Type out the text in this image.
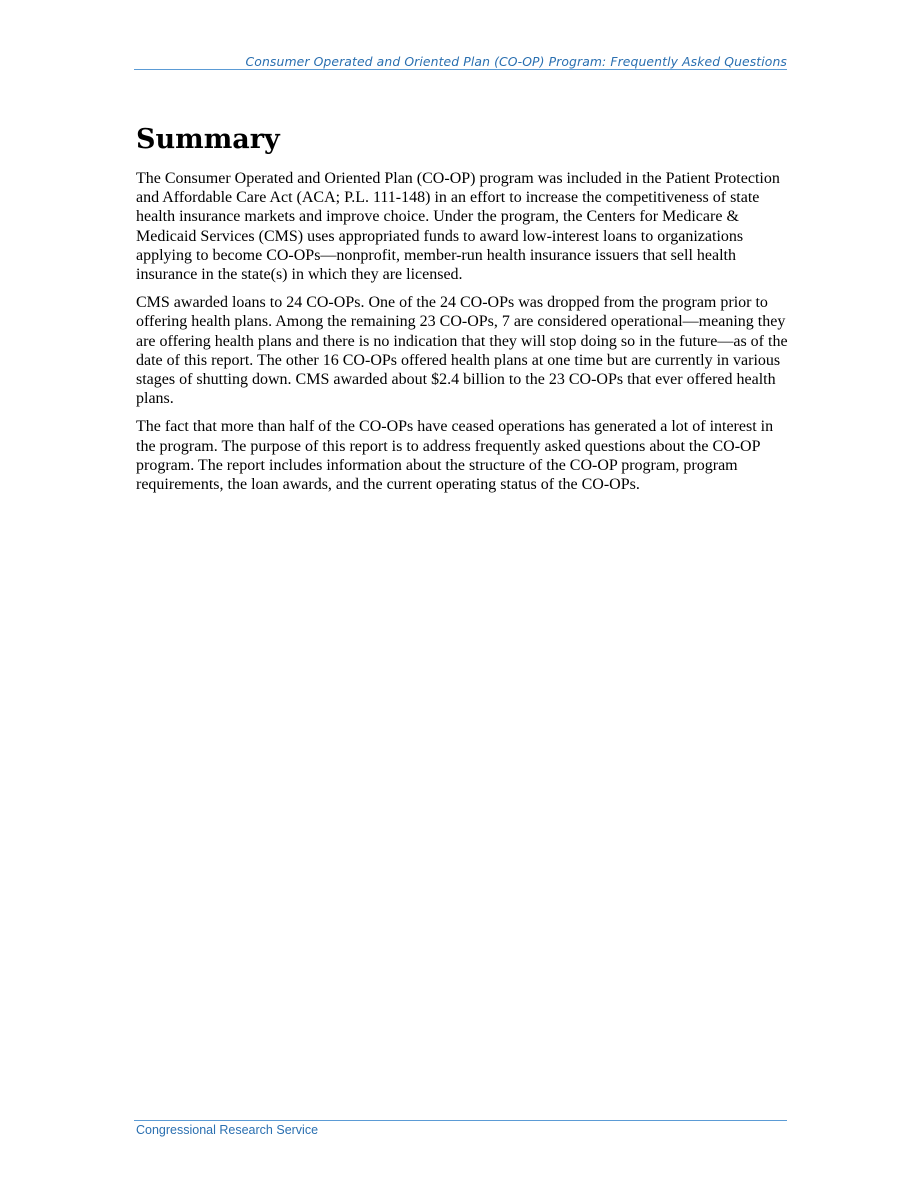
Consumer Operated and Oriented Plan (CO-OP) Program: Frequently Asked Questions
Summary

The Consumer Operated and Oriented Plan (CO-OP) program was included in the Patient Protection and Affordable Care Act (ACA; P.L. 111-148) in an effort to increase the competitiveness of state health insurance markets and improve choice. Under the program, the Centers for Medicare & Medicaid Services (CMS) uses appropriated funds to award low-interest loans to organizations applying to become CO-OPs—nonprofit, member-run health insurance issuers that sell health insurance in the state(s) in which they are licensed.

CMS awarded loans to 24 CO-OPs. One of the 24 CO-OPs was dropped from the program prior to offering health plans. Among the remaining 23 CO-OPs, 7 are considered operational—meaning they are offering health plans and there is no indication that they will stop doing so in the future—as of the date of this report. The other 16 CO-OPs offered health plans at one time but are currently in various stages of shutting down. CMS awarded about $2.4 billion to the 23 CO-OPs that ever offered health plans.

The fact that more than half of the CO-OPs have ceased operations has generated a lot of interest in the program. The purpose of this report is to address frequently asked questions about the CO-OP program. The report includes information about the structure of the CO-OP program, program requirements, the loan awards, and the current operating status of the CO-OPs.

Congressional Research Service
